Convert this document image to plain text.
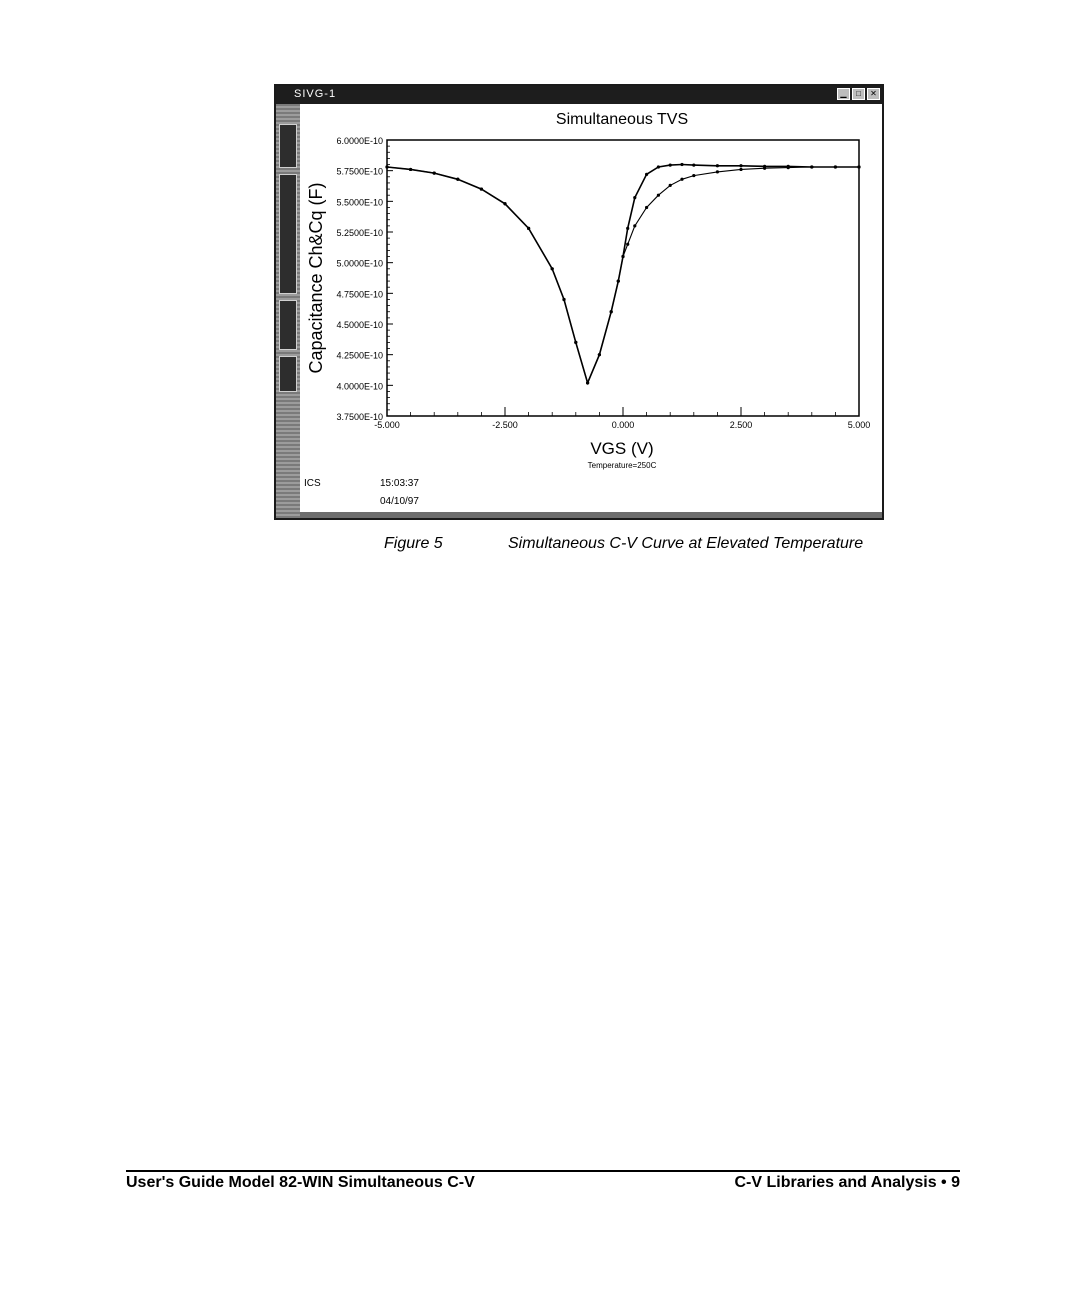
SIVG-1	▁	□	✕
Simultaneous TVS
6.0000E-10
5.7500E-10
5.5000E-10
5.2500E-10
5.0000E-10
4.7500E-10
4.5000E-10
4.2500E-10
4.0000E-10
3.7500E-10
-5.000	-2.500	0.000	2.500	5.000
Capacitance Ch&Cq (F)
VGS (V)
Temperature=250C
ICS	15:03:37
04/10/97
Figure 5	Simultaneous C-V Curve at Elevated Temperature
User's Guide Model 82-WIN Simultaneous C-V	C-V Libraries and Analysis • 9
